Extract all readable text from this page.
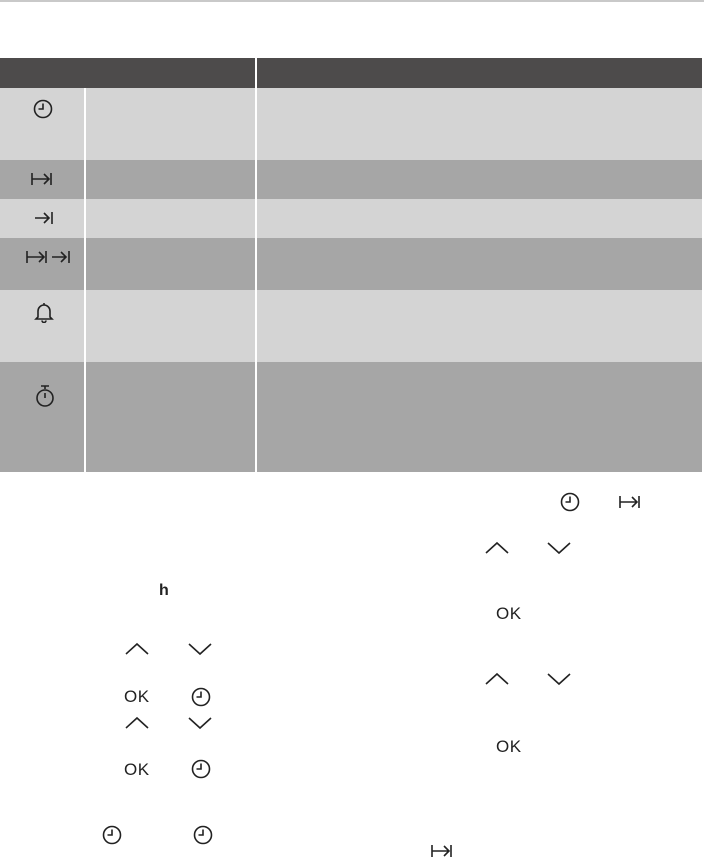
h
OK
OK
OK
OK
